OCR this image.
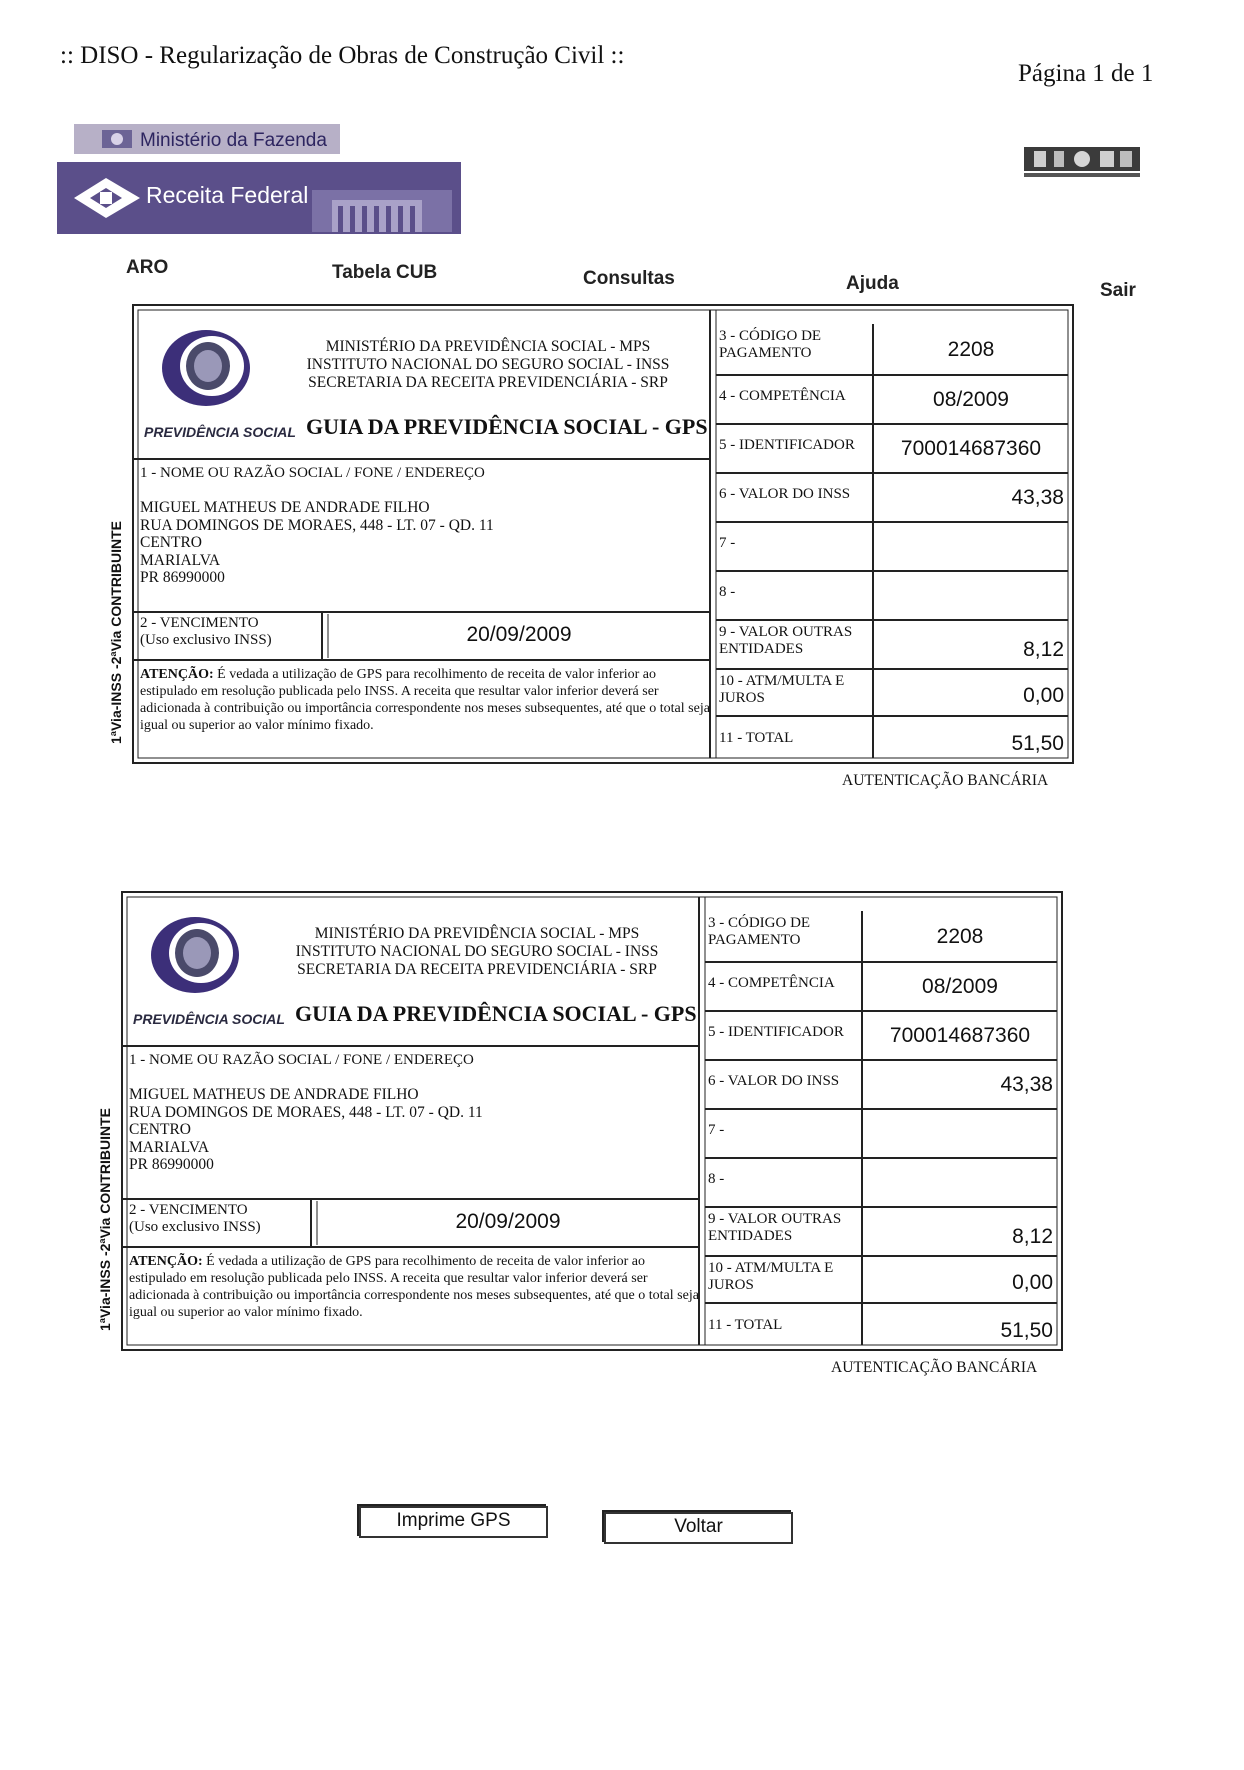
:: DISO - Regularização de Obras de Construção Civil ::
Página 1 de 1
Ministério da Fazenda
Receita Federal
ARO	Tabela CUB	Consultas	Ajuda	Sair
PREVIDÊNCIA SOCIAL
MINISTÉRIO DA PREVIDÊNCIA SOCIAL - MPS
INSTITUTO NACIONAL DO SEGURO SOCIAL - INSS
SECRETARIA DA RECEITA PREVIDENCIÁRIA - SRP
GUIA DA PREVIDÊNCIA SOCIAL - GPS
1 - NOME OU RAZÃO SOCIAL / FONE / ENDEREÇO
MIGUEL MATHEUS DE ANDRADE FILHO
RUA DOMINGOS DE MORAES, 448 - LT. 07 - QD. 11
CENTRO
MARIALVA
PR 86990000
2 - VENCIMENTO
(Uso exclusivo INSS)	20/09/2009
ATENÇÃO: É vedada a utilização de GPS para recolhimento de receita de valor inferior ao estipulado em resolução publicada pelo INSS. A receita que resultar valor inferior deverá ser adicionada à contribuição ou importância correspondente nos meses subsequentes, até que o total seja igual ou superior ao valor mínimo fixado.
3 - CÓDIGO DE
PAGAMENTO	2208
4 - COMPETÊNCIA	08/2009
5 - IDENTIFICADOR	700014687360
6 - VALOR DO INSS	43,38
7 -
8 -
9 - VALOR OUTRAS
ENTIDADES	8,12
10 - ATM/MULTA E
JUROS	0,00
11 - TOTAL	51,50
AUTENTICAÇÃO BANCÁRIA
1ªVia-INSS -2ªVia CONTRIBUINTE
PREVIDÊNCIA SOCIAL
MINISTÉRIO DA PREVIDÊNCIA SOCIAL - MPS
INSTITUTO NACIONAL DO SEGURO SOCIAL - INSS
SECRETARIA DA RECEITA PREVIDENCIÁRIA - SRP
GUIA DA PREVIDÊNCIA SOCIAL - GPS
1 - NOME OU RAZÃO SOCIAL / FONE / ENDEREÇO
MIGUEL MATHEUS DE ANDRADE FILHO
RUA DOMINGOS DE MORAES, 448 - LT. 07 - QD. 11
CENTRO
MARIALVA
PR 86990000
2 - VENCIMENTO
(Uso exclusivo INSS)	20/09/2009
ATENÇÃO: É vedada a utilização de GPS para recolhimento de receita de valor inferior ao estipulado em resolução publicada pelo INSS. A receita que resultar valor inferior deverá ser adicionada à contribuição ou importância correspondente nos meses subsequentes, até que o total seja igual ou superior ao valor mínimo fixado.
3 - CÓDIGO DE
PAGAMENTO	2208
4 - COMPETÊNCIA	08/2009
5 - IDENTIFICADOR	700014687360
6 - VALOR DO INSS	43,38
7 -
8 -
9 - VALOR OUTRAS
ENTIDADES	8,12
10 - ATM/MULTA E
JUROS	0,00
11 - TOTAL	51,50
AUTENTICAÇÃO BANCÁRIA
1ªVia-INSS -2ªVia CONTRIBUINTE
Imprime GPS	Voltar
